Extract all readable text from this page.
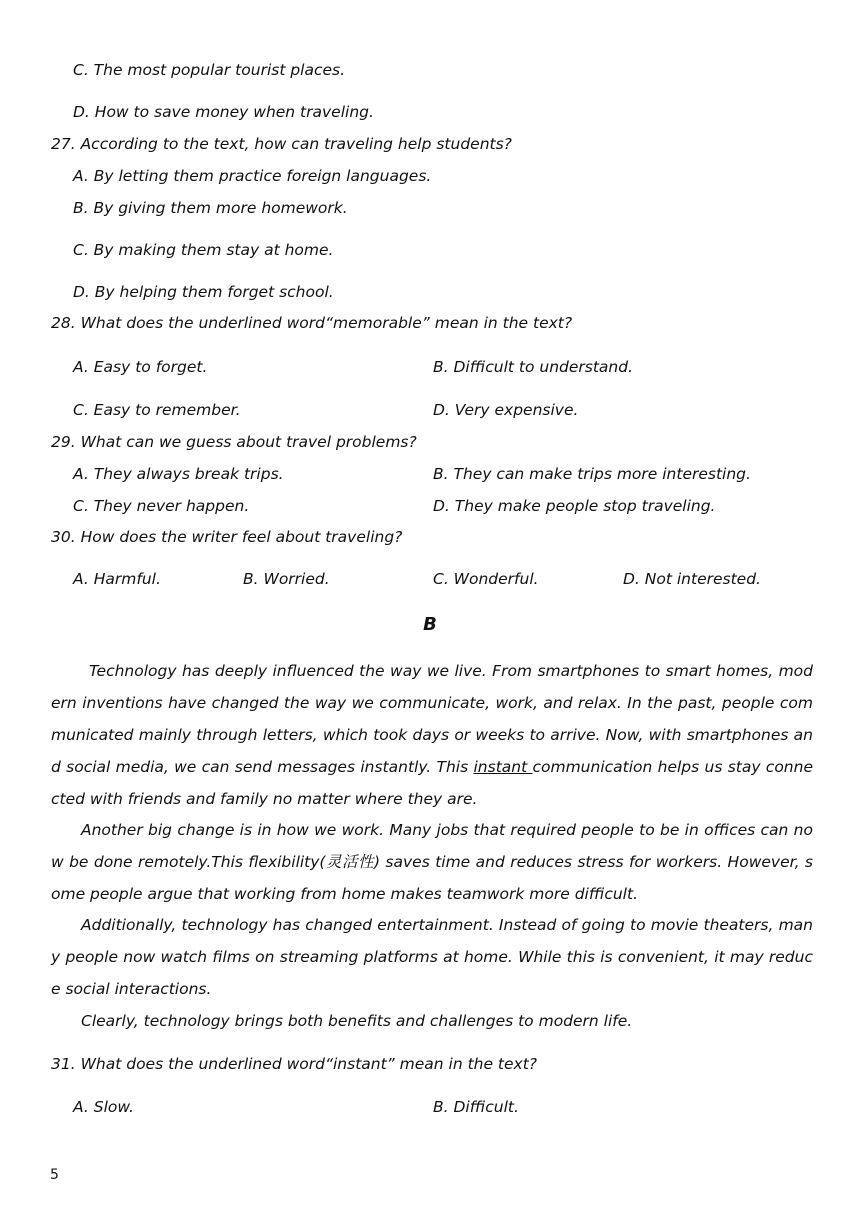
C. The most popular tourist places.
D. How to save money when traveling.
27. According to the text, how can traveling help students?
A. By letting them practice foreign languages.
B. By giving them more homework.
C. By making them stay at home.
D. By helping them forget school.
28. What does the underlined word“memorable” mean in the text?
A. Easy to forget.	B. Difficult to understand.
C. Easy to remember.	D. Very expensive.
29. What can we guess about travel problems?
A. They always break trips.	B. They can make trips more interesting.
C. They never happen.	D. They make people stop traveling.
30. How does the writer feel about traveling?
A. Harmful.	B. Worried.	C. Wonderful.	D. Not interested.
B

Technology has deeply influenced the way we live. From smartphones to smart homes, modern inventions have changed the way we communicate, work, and relax. In the past, people communicated mainly through letters, which took days or weeks to arrive. Now, with smartphones and social media, we can send messages instantly. This instant communication helps us stay connected with friends and family no matter where they are.

Another big change is in how we work. Many jobs that required people to be in offices can now be done remotely.This flexibility(灵活性) saves time and reduces stress for workers. However, some people argue that working from home makes teamwork more difficult.

Additionally, technology has changed entertainment. Instead of going to movie theaters, many people now watch films on streaming platforms at home. While this is convenient, it may reduce social interactions.

Clearly, technology brings both benefits and challenges to modern life.

31. What does the underlined word“instant” mean in the text?
A. Slow.	B. Difficult.
5
